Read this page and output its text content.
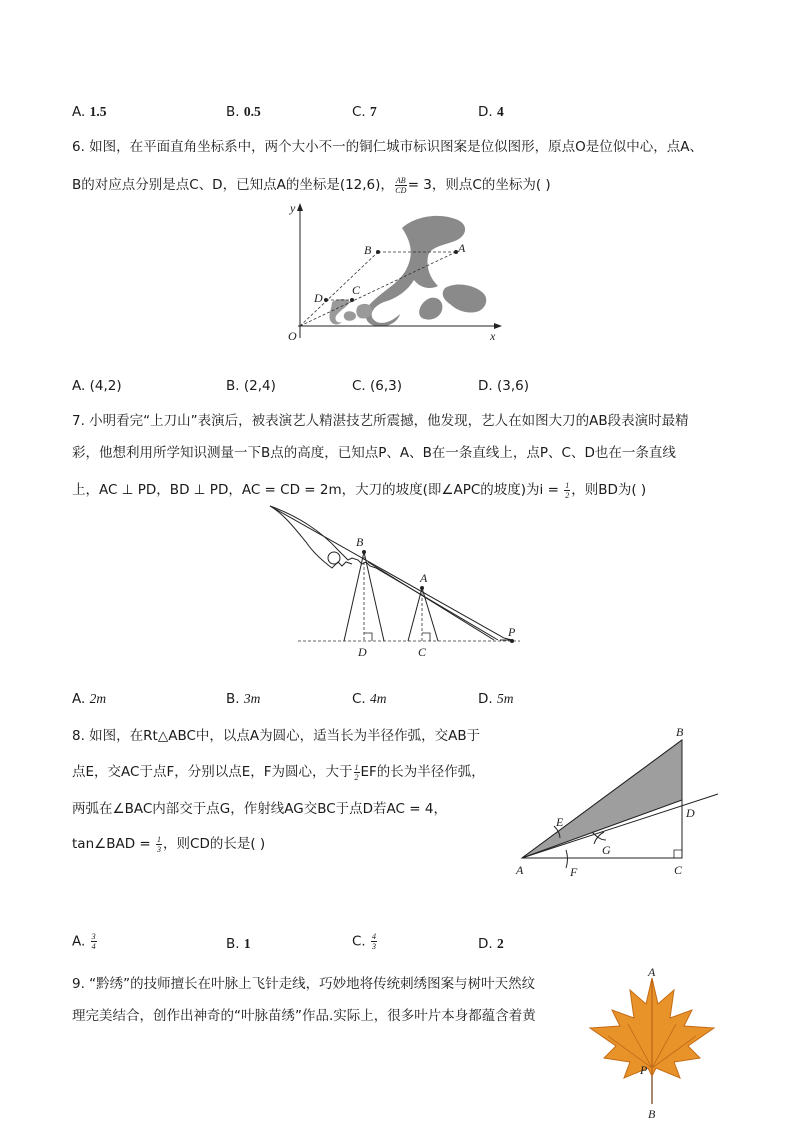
A. 1.5	B. 0.5	C. 7	D. 4
6. 如图，在平面直角坐标系中，两个大小不一的铜仁城市标识图案是位似图形，原点O是位似中心，点A、
B的对应点分别是点C、D，已知点A的坐标是(12,6)， $\frac{AB}{CD} = 3$，则点C的坐标为( )
y
x
O
A
B
C
D
A. (4,2)	B. (2,4)	C. (6,3)	D. (3,6)
7. 小明看完“上刀山”表演后，被表演艺人精湛技艺所震撼，他发现，艺人在如图大刀的AB段表演时最精
彩，他想利用所学知识测量一下B点的高度，已知点P、A、B在一条直线上，点P、C、D也在一条直线
上，AC ⊥ PD，BD ⊥ PD，AC = CD = 2m，大刀的坡度(即∠APC的坡度)为$i = \frac{1}{2}$ ，则BD为( )
B
A
P
D	C
A. 2m	B. 3m	C. 4m	D. 5m
8. 如图，在Rt△ABC中，以点A为圆心，适当长为半径作弧，交AB于
点E，交AC于点F，分别以点E，F为圆心，大于 $\frac{1}{2}$ EF的长为半径作弧，
两弧在∠BAC内部交于点G，作射线AG交BC于点D若AC = 4，
tan∠BAD = $\frac{1}{3}$ ，则CD的长是( )
B
D
E
G
A	F	C
A. $\frac{3}{4}$	B. 1	C. $\frac{4}{3}$	D. 2
9. “黔绣”的技师擅长在叶脉上飞针走线，巧妙地将传统刺绣图案与树叶天然纹
理完美结合，创作出神奇的“叶脉苗绣”作品.实际上，很多叶片本身都蕴含着黄
A
P
B
